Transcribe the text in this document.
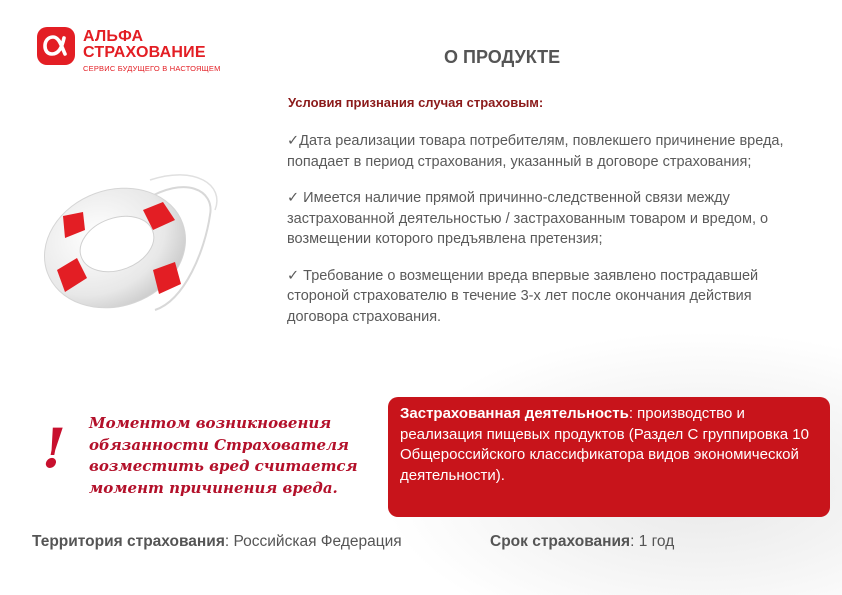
АЛЬФА
СТРАХОВАНИЕ
СЕРВИС БУДУЩЕГО В НАСТОЯЩЕМ
О ПРОДУКТЕ
Условия признания случая страховым:

✓Дата реализации товара потребителям, повлекшего причинение вреда, попадает в период страхования, указанный в договоре страхования;

✓ Имеется наличие прямой причинно-следственной связи между застрахованной деятельностью / застрахованным товаром и вредом, о возмещении которого предъявлена претензия;

✓ Требование о возмещении вреда впервые заявлено пострадавшей стороной страхователю в течение 3-х лет после окончания действия договора страхования.

! Моментом возникновения обязанности Страхователя возместить вред считается момент причинения вреда.
Застрахованная деятельность: производство и реализация пищевых продуктов (Раздел С группировка 10 Общероссийского классификатора видов экономической деятельности).
Территория страхования: Российская Федерация	Срок страхования: 1 год
